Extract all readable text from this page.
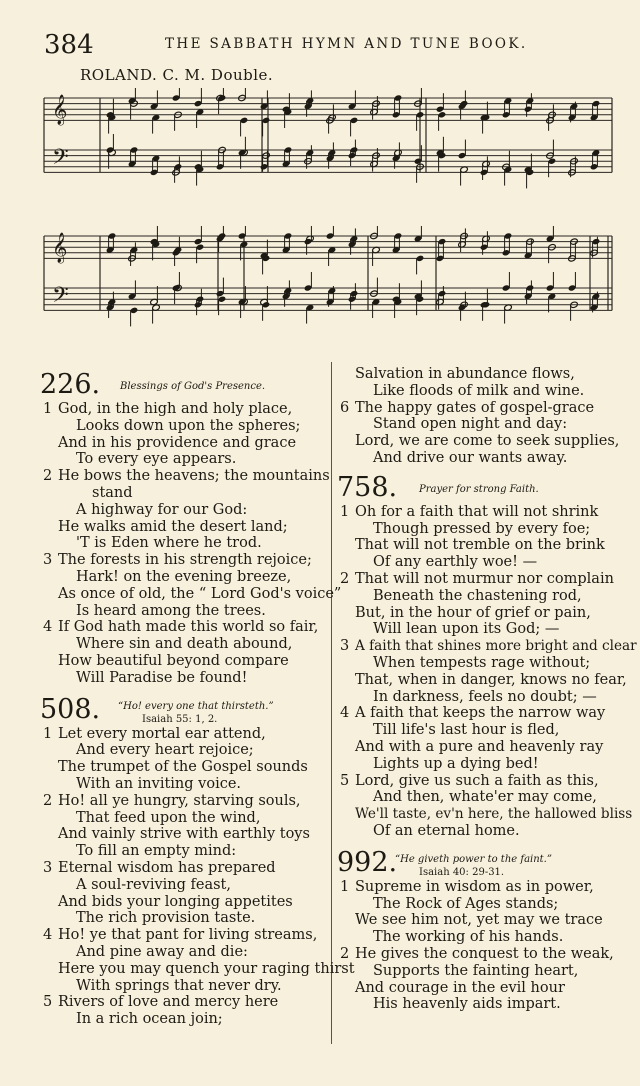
384	THE SABBATH HYMN AND TUNE BOOK.
ROLAND. C. M. Double.
𝄞
𝄢
𝄞
𝄢
226. Blessings of God's Presence.
1 God, in the high and holy place,
Looks down upon the spheres;
And in his providence and grace
To every eye appears.
2 He bows the heavens; the mountains
stand
A highway for our God:
He walks amid the desert land;
'T is Eden where he trod.
3 The forests in his strength rejoice;
Hark! on the evening breeze,
As once of old, the “ Lord God's voice”
Is heard among the trees.
4 If God hath made this world so fair,
Where sin and death abound,
How beautiful beyond compare
Will Paradise be found!
508. “Ho! every one that thirsteth.”
Isaiah 55: 1, 2.
1 Let every mortal ear attend,
And every heart rejoice;
The trumpet of the Gospel sounds
With an inviting voice.
2 Ho! all ye hungry, starving souls,
That feed upon the wind,
And vainly strive with earthly toys
To fill an empty mind:
3 Eternal wisdom has prepared
A soul-reviving feast,
And bids your longing appetites
The rich provision taste.
4 Ho! ye that pant for living streams,
And pine away and die:
Here you may quench your raging thirst
With springs that never dry.
5 Rivers of love and mercy here
In a rich ocean join;
Salvation in abundance flows,
Like floods of milk and wine.
6 The happy gates of gospel-grace
Stand open night and day:
Lord, we are come to seek supplies,
And drive our wants away.
758. Prayer for strong Faith.
1 Oh for a faith that will not shrink
Though pressed by every foe;
That will not tremble on the brink
Of any earthly woe! —
2 That will not murmur nor complain
Beneath the chastening rod,
But, in the hour of grief or pain,
Will lean upon its God; —
3 A faith that shines more bright and clear
When tempests rage without;
That, when in danger, knows no fear,
In darkness, feels no doubt; —
4 A faith that keeps the narrow way
Till life's last hour is fled,
And with a pure and heavenly ray
Lights up a dying bed!
5 Lord, give us such a faith as this,
And then, whate'er may come,
We'll taste, ev'n here, the hallowed bliss
Of an eternal home.
992.
“He giveth power to the faint.”
Isaiah 40: 29-31.
1 Supreme in wisdom as in power,
The Rock of Ages stands;
We see him not, yet may we trace
The working of his hands.
2 He gives the conquest to the weak,
Supports the fainting heart,
And courage in the evil hour
His heavenly aids impart.
